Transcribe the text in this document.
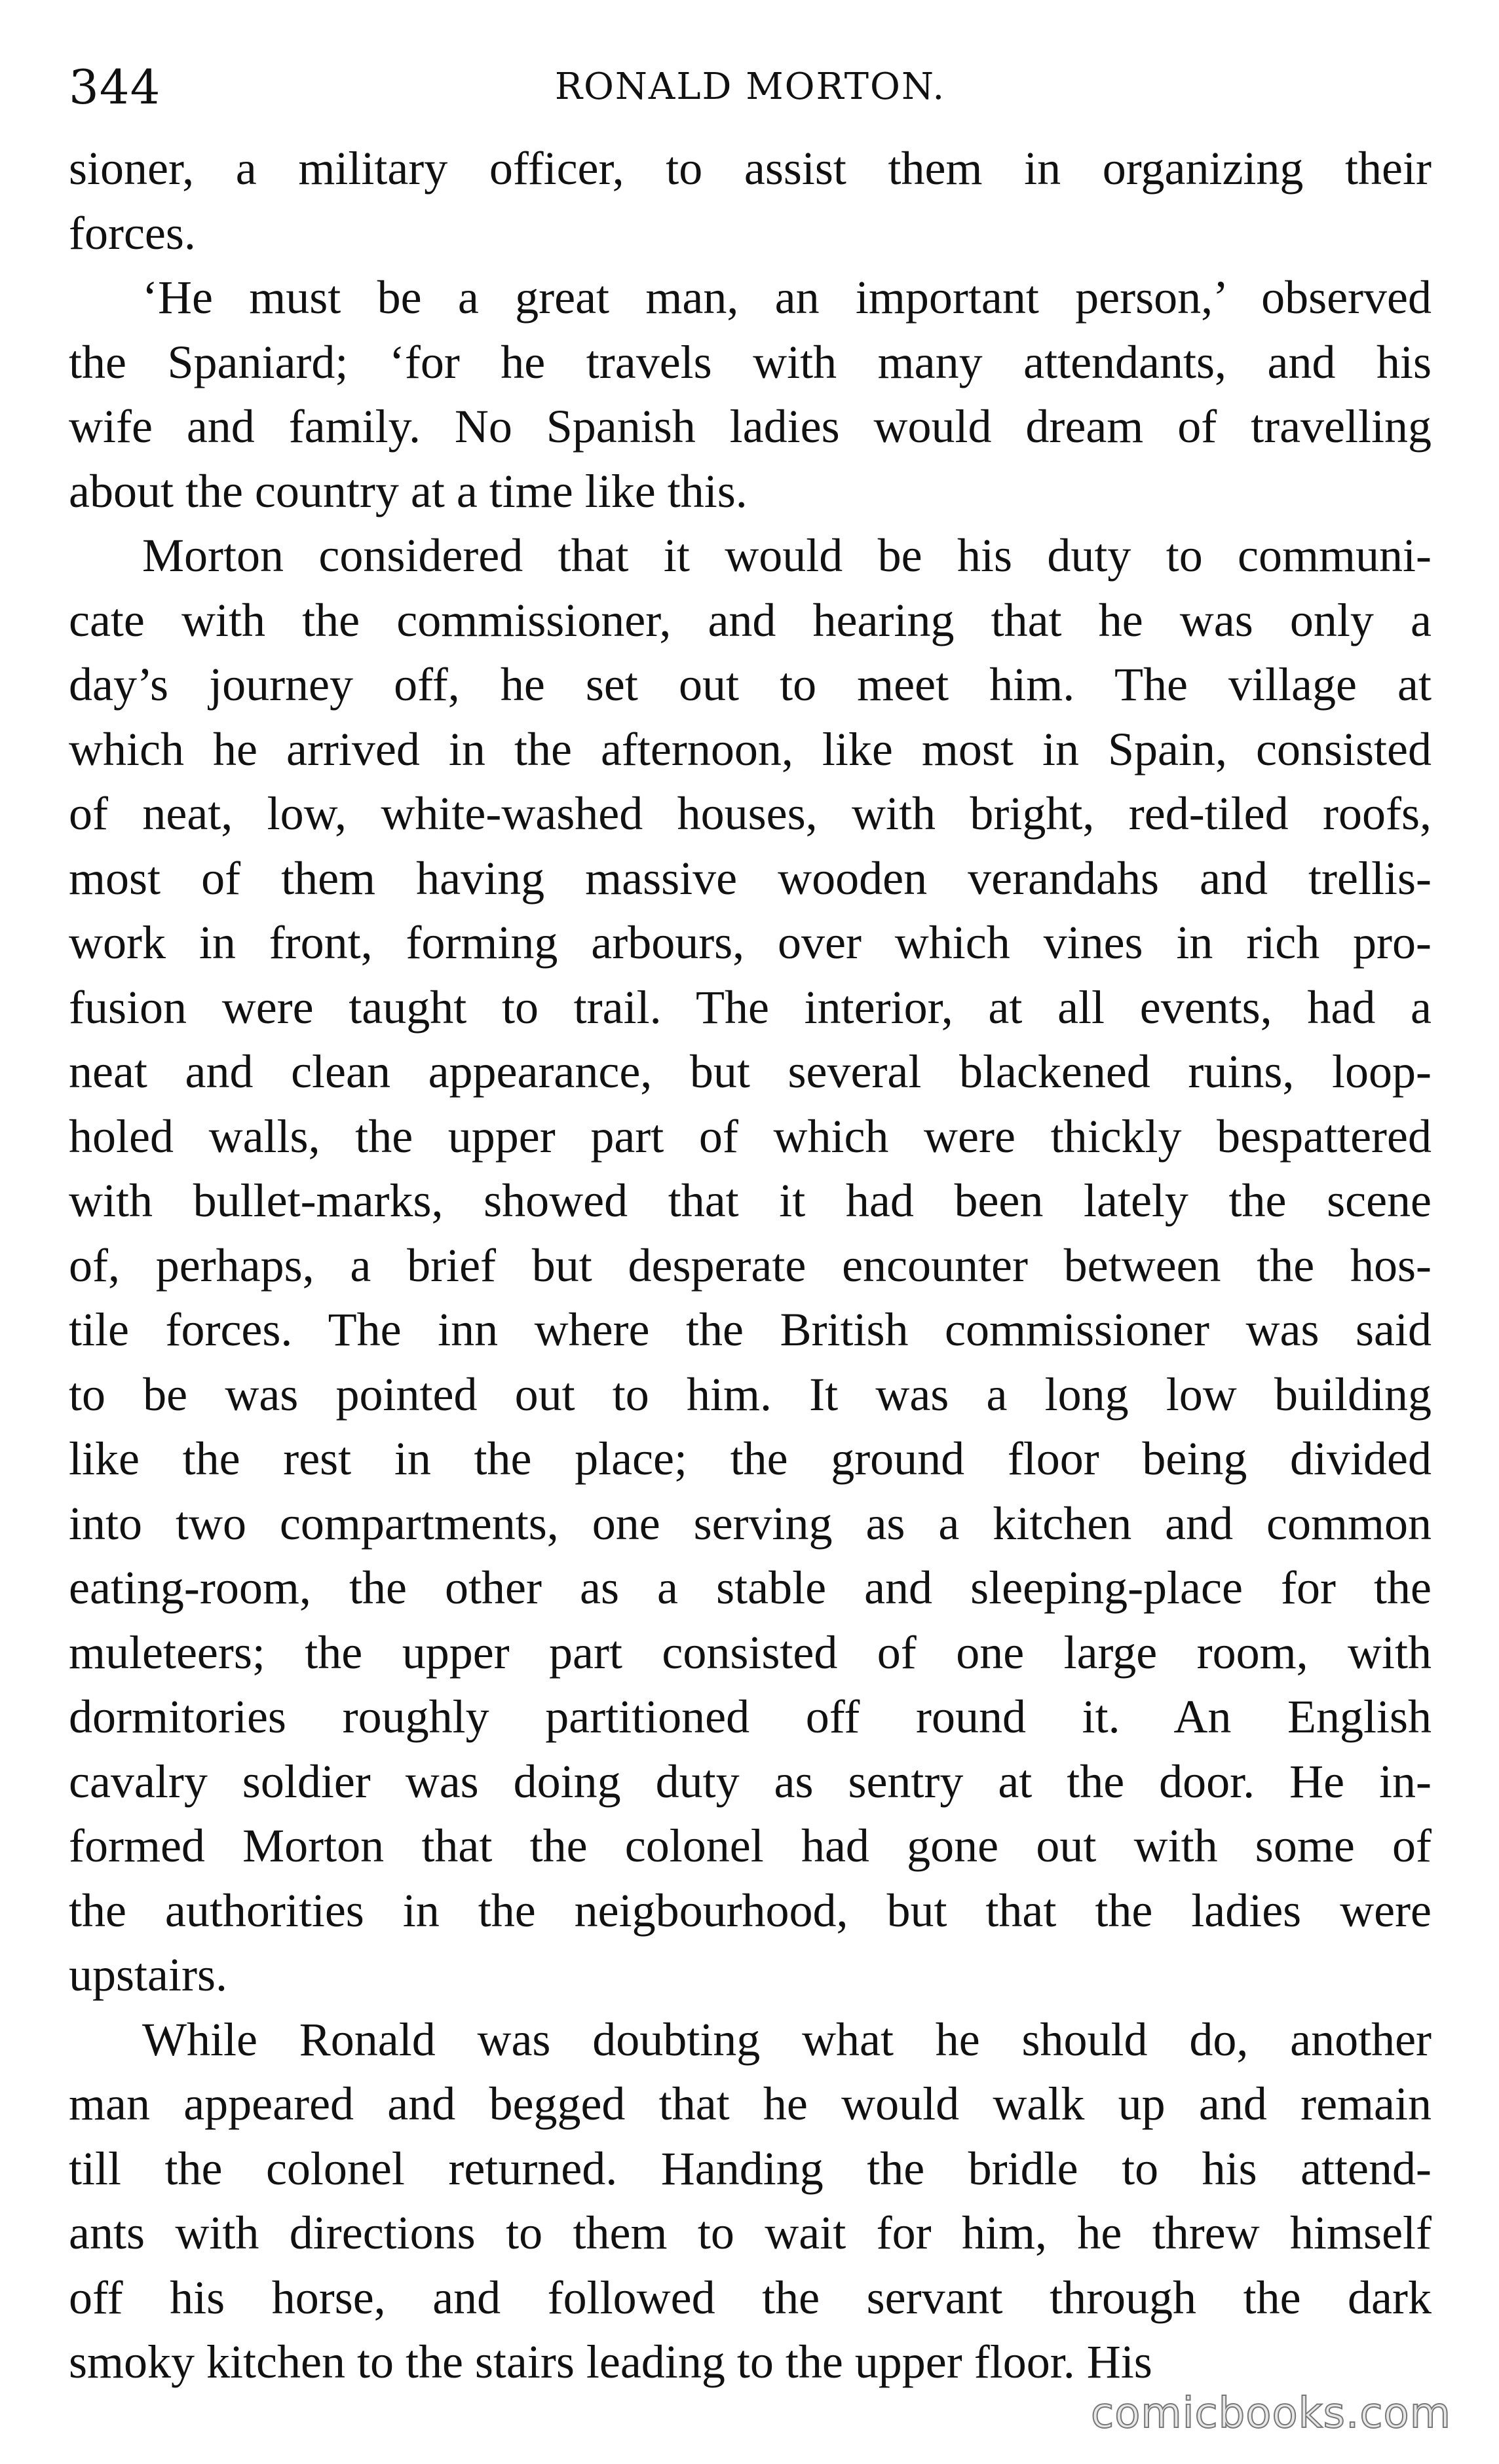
344	RONALD MORTON.
sioner, a military officer, to assist them in organizing their
forces.
‘He must be a great man, an important person,’ observed
the Spaniard; ‘for he travels with many attendants, and his
wife and family. No Spanish ladies would dream of travelling
about the country at a time like this.
Morton considered that it would be his duty to communi-
cate with the commissioner, and hearing that he was only a
day’s journey off, he set out to meet him. The village at
which he arrived in the afternoon, like most in Spain, consisted
of neat, low, white-washed houses, with bright, red-tiled roofs,
most of them having massive wooden verandahs and trellis-
work in front, forming arbours, over which vines in rich pro-
fusion were taught to trail. The interior, at all events, had a
neat and clean appearance, but several blackened ruins, loop-
holed walls, the upper part of which were thickly bespattered
with bullet-marks, showed that it had been lately the scene
of, perhaps, a brief but desperate encounter between the hos-
tile forces. The inn where the British commissioner was said
to be was pointed out to him. It was a long low building
like the rest in the place; the ground floor being divided
into two compartments, one serving as a kitchen and common
eating-room, the other as a stable and sleeping-place for the
muleteers; the upper part consisted of one large room, with
dormitories roughly partitioned off round it. An English
cavalry soldier was doing duty as sentry at the door. He in-
formed Morton that the colonel had gone out with some of
the authorities in the neigbourhood, but that the ladies were
upstairs.
While Ronald was doubting what he should do, another
man appeared and begged that he would walk up and remain
till the colonel returned. Handing the bridle to his attend-
ants with directions to them to wait for him, he threw himself
off his horse, and followed the servant through the dark
smoky kitchen to the stairs leading to the upper floor. His
comicbooks.com
